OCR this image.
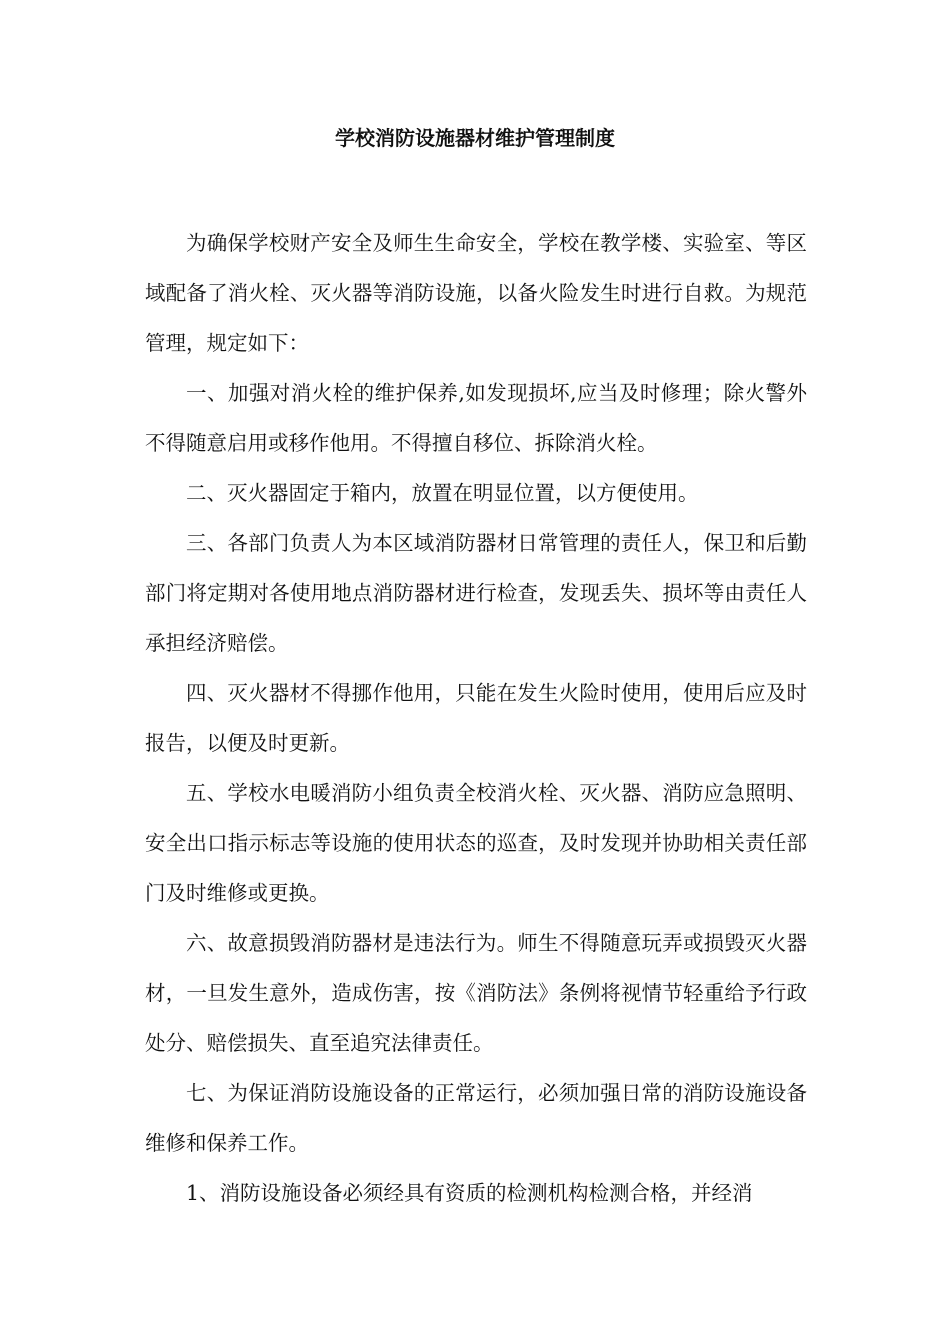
学校消防设施器材维护管理制度

为确保学校财产安全及师生生命安全，学校在教学楼、实验室、等区域配备了消火栓、灭火器等消防设施，以备火险发生时进行自救。为规范管理，规定如下：

一、加强对消火栓的维护保养,如发现损坏,应当及时修理；除火警外不得随意启用或移作他用。不得擅自移位、拆除消火栓。

二、灭火器固定于箱内，放置在明显位置，以方便使用。

三、各部门负责人为本区域消防器材日常管理的责任人，保卫和后勤部门将定期对各使用地点消防器材进行检查，发现丢失、损坏等由责任人承担经济赔偿。

四、灭火器材不得挪作他用，只能在发生火险时使用，使用后应及时报告，以便及时更新。

五、学校水电暖消防小组负责全校消火栓、灭火器、消防应急照明、安全出口指示标志等设施的使用状态的巡查，及时发现并协助相关责任部门及时维修或更换。

六、故意损毁消防器材是违法行为。师生不得随意玩弄或损毁灭火器材，一旦发生意外，造成伤害，按《消防法》条例将视情节轻重给予行政处分、赔偿损失、直至追究法律责任。

七、为保证消防设施设备的正常运行，必须加强日常的消防设施设备维修和保养工作。

1、消防设施设备必须经具有资质的检测机构检测合格，并经消
